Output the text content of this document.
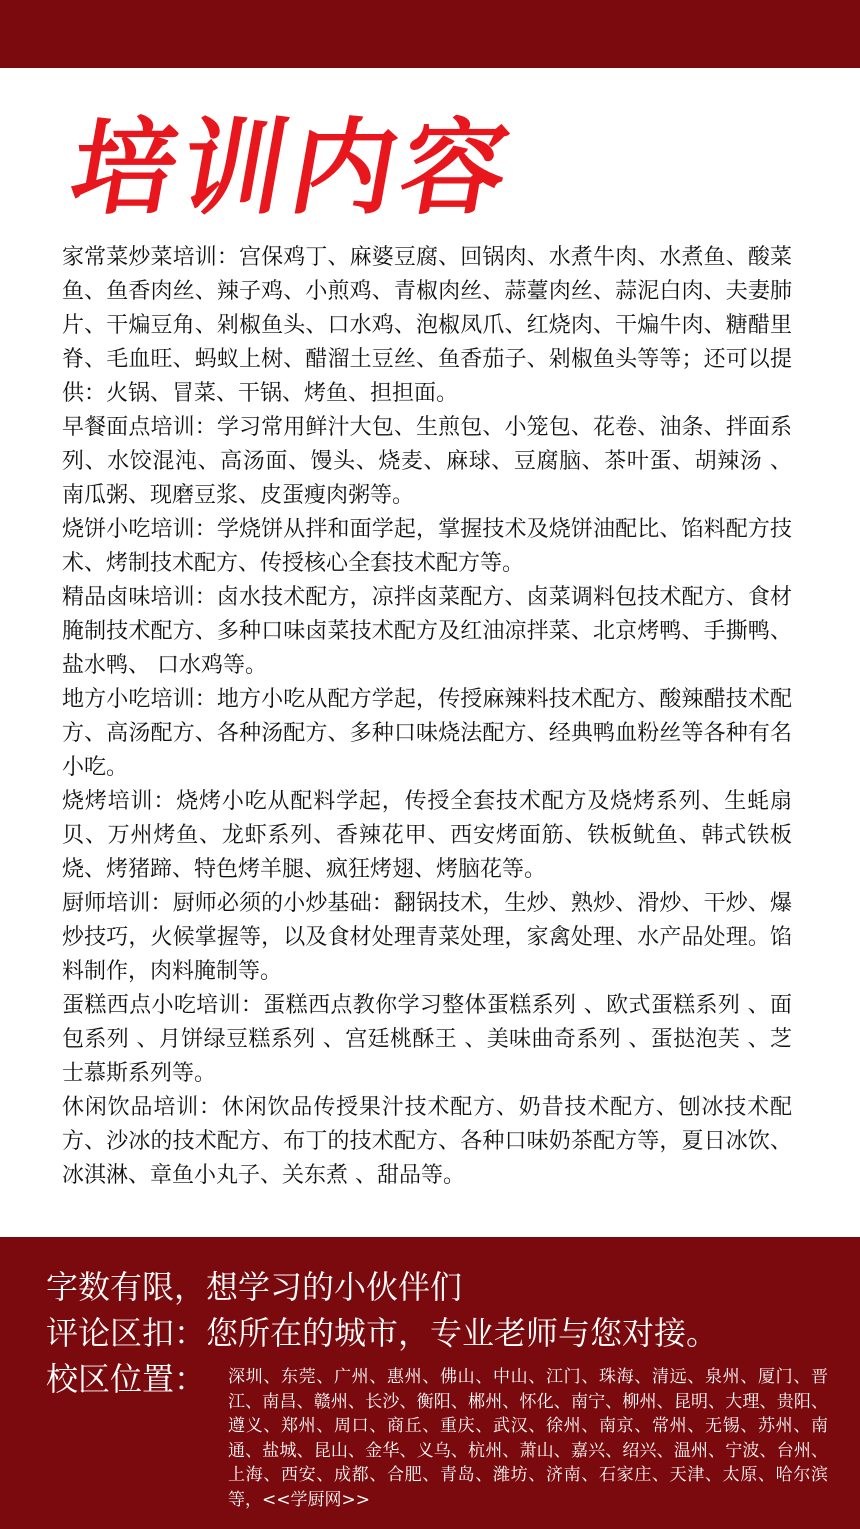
培训内容

家常菜炒菜培训：宫保鸡丁、麻婆豆腐、回锅肉、水煮牛肉、水煮鱼、酸菜鱼、鱼香肉丝、辣子鸡、小煎鸡、青椒肉丝、蒜薹肉丝、蒜泥白肉、夫妻肺片、干煸豆角、剁椒鱼头、口水鸡、泡椒凤爪、红烧肉、干煸牛肉、糖醋里脊、毛血旺、蚂蚁上树、醋溜土豆丝、鱼香茄子、剁椒鱼头等等；还可以提供：火锅、冒菜、干锅、烤鱼、担担面。

早餐面点培训：学习常用鲜汁大包、生煎包、小笼包、花卷、油条、拌面系列、水饺混沌、高汤面、馒头、烧麦、麻球、豆腐脑、茶叶蛋、胡辣汤 、南瓜粥、现磨豆浆、皮蛋瘦肉粥等。

烧饼小吃培训：学烧饼从拌和面学起，掌握技术及烧饼油配比、馅料配方技术、烤制技术配方、传授核心全套技术配方等。

精品卤味培训：卤水技术配方，凉拌卤菜配方、卤菜调料包技术配方、食材腌制技术配方、多种口味卤菜技术配方及红油凉拌菜、北京烤鸭、手撕鸭、盐水鸭、 口水鸡等。

地方小吃培训：地方小吃从配方学起，传授麻辣料技术配方、酸辣醋技术配方、高汤配方、各种汤配方、多种口味烧法配方、经典鸭血粉丝等各种有名小吃。

烧烤培训：烧烤小吃从配料学起，传授全套技术配方及烧烤系列、生蚝扇贝、万州烤鱼、龙虾系列、香辣花甲、西安烤面筋、铁板鱿鱼、韩式铁板烧、烤猪蹄、特色烤羊腿、疯狂烤翅、烤脑花等。

厨师培训：厨师必须的小炒基础：翻锅技术，生炒、熟炒、滑炒、干炒、爆炒技巧，火候掌握等，以及食材处理青菜处理，家禽处理、水产品处理。馅料制作，肉料腌制等。

蛋糕西点小吃培训：蛋糕西点教你学习整体蛋糕系列 、欧式蛋糕系列 、面包系列 、月饼绿豆糕系列 、宫廷桃酥王 、美味曲奇系列 、蛋挞泡芙 、芝士慕斯系列等。

休闲饮品培训：休闲饮品传授果汁技术配方、奶昔技术配方、刨冰技术配方、沙冰的技术配方、布丁的技术配方、各种口味奶茶配方等，夏日冰饮、冰淇淋、章鱼小丸子、关东煮 、甜品等。

字数有限，想学习的小伙伴们
评论区扣：您所在的城市，专业老师与您对接。
校区位置： 深圳、东莞、广州、惠州、佛山、中山、江门、珠海、清远、泉州、厦门、晋江、南昌、赣州、长沙、衡阳、郴州、怀化、南宁、柳州、昆明、大理、贵阳、遵义、郑州、周口、商丘、重庆、武汉、徐州、南京、常州、无锡、苏州、南通、盐城、昆山、金华、义乌、杭州、萧山、嘉兴、绍兴、温州、宁波、台州、上海、西安、成都、合肥、青岛、潍坊、济南、石家庄、天津、太原、哈尔滨等，<<学厨网>>
